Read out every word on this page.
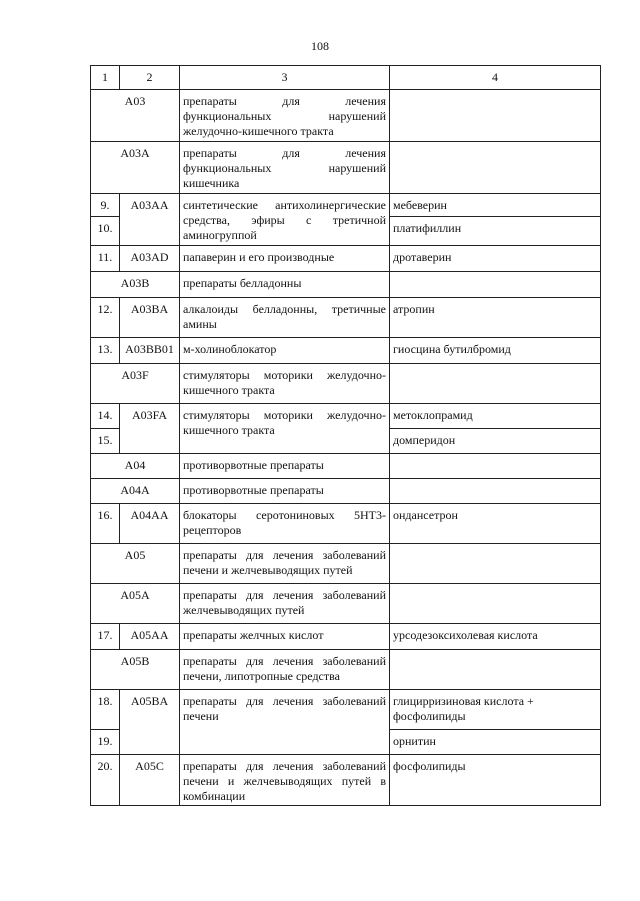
108
1	2	3	4
A03		препараты для лечения функциональных нарушений желудочно-кишечного тракта	
A03A		препараты для лечения функциональных нарушений кишечника	
9.	A03AA	синтетические антихолинергические средства, эфиры с третичной аминогруппой	мебеверин
10.			платифиллин
11.	A03AD	папаверин и его производные	дротаверин
A03B		препараты белладонны	
12.	A03BA	алкалоиды белладонны, третичные амины	атропин
13.	A03BB01	м-холиноблокатор	гиосцина бутилбромид
A03F		стимуляторы моторики желудочно-кишечного тракта	
14.	A03FA	стимуляторы моторики желудочно-кишечного тракта	метоклопрамид
15.			домперидон
A04		противорвотные препараты	
A04A		противорвотные препараты	
16.	A04AA	блокаторы серотониновых 5НТ3-рецепторов	ондансетрон
A05		препараты для лечения заболеваний печени и желчевыводящих путей	
A05A		препараты для лечения заболеваний желчевыводящих путей	
17.	A05AA	препараты желчных кислот	урсодезоксихолевая кислота
A05B		препараты для лечения заболеваний печени, липотропные средства	
18.	A05BA	препараты для лечения заболеваний печени	глицирризиновая кислота + фосфолипиды
19.			орнитин
20.	A05C	препараты для лечения заболеваний печени и желчевыводящих путей в комбинации	фосфолипиды
